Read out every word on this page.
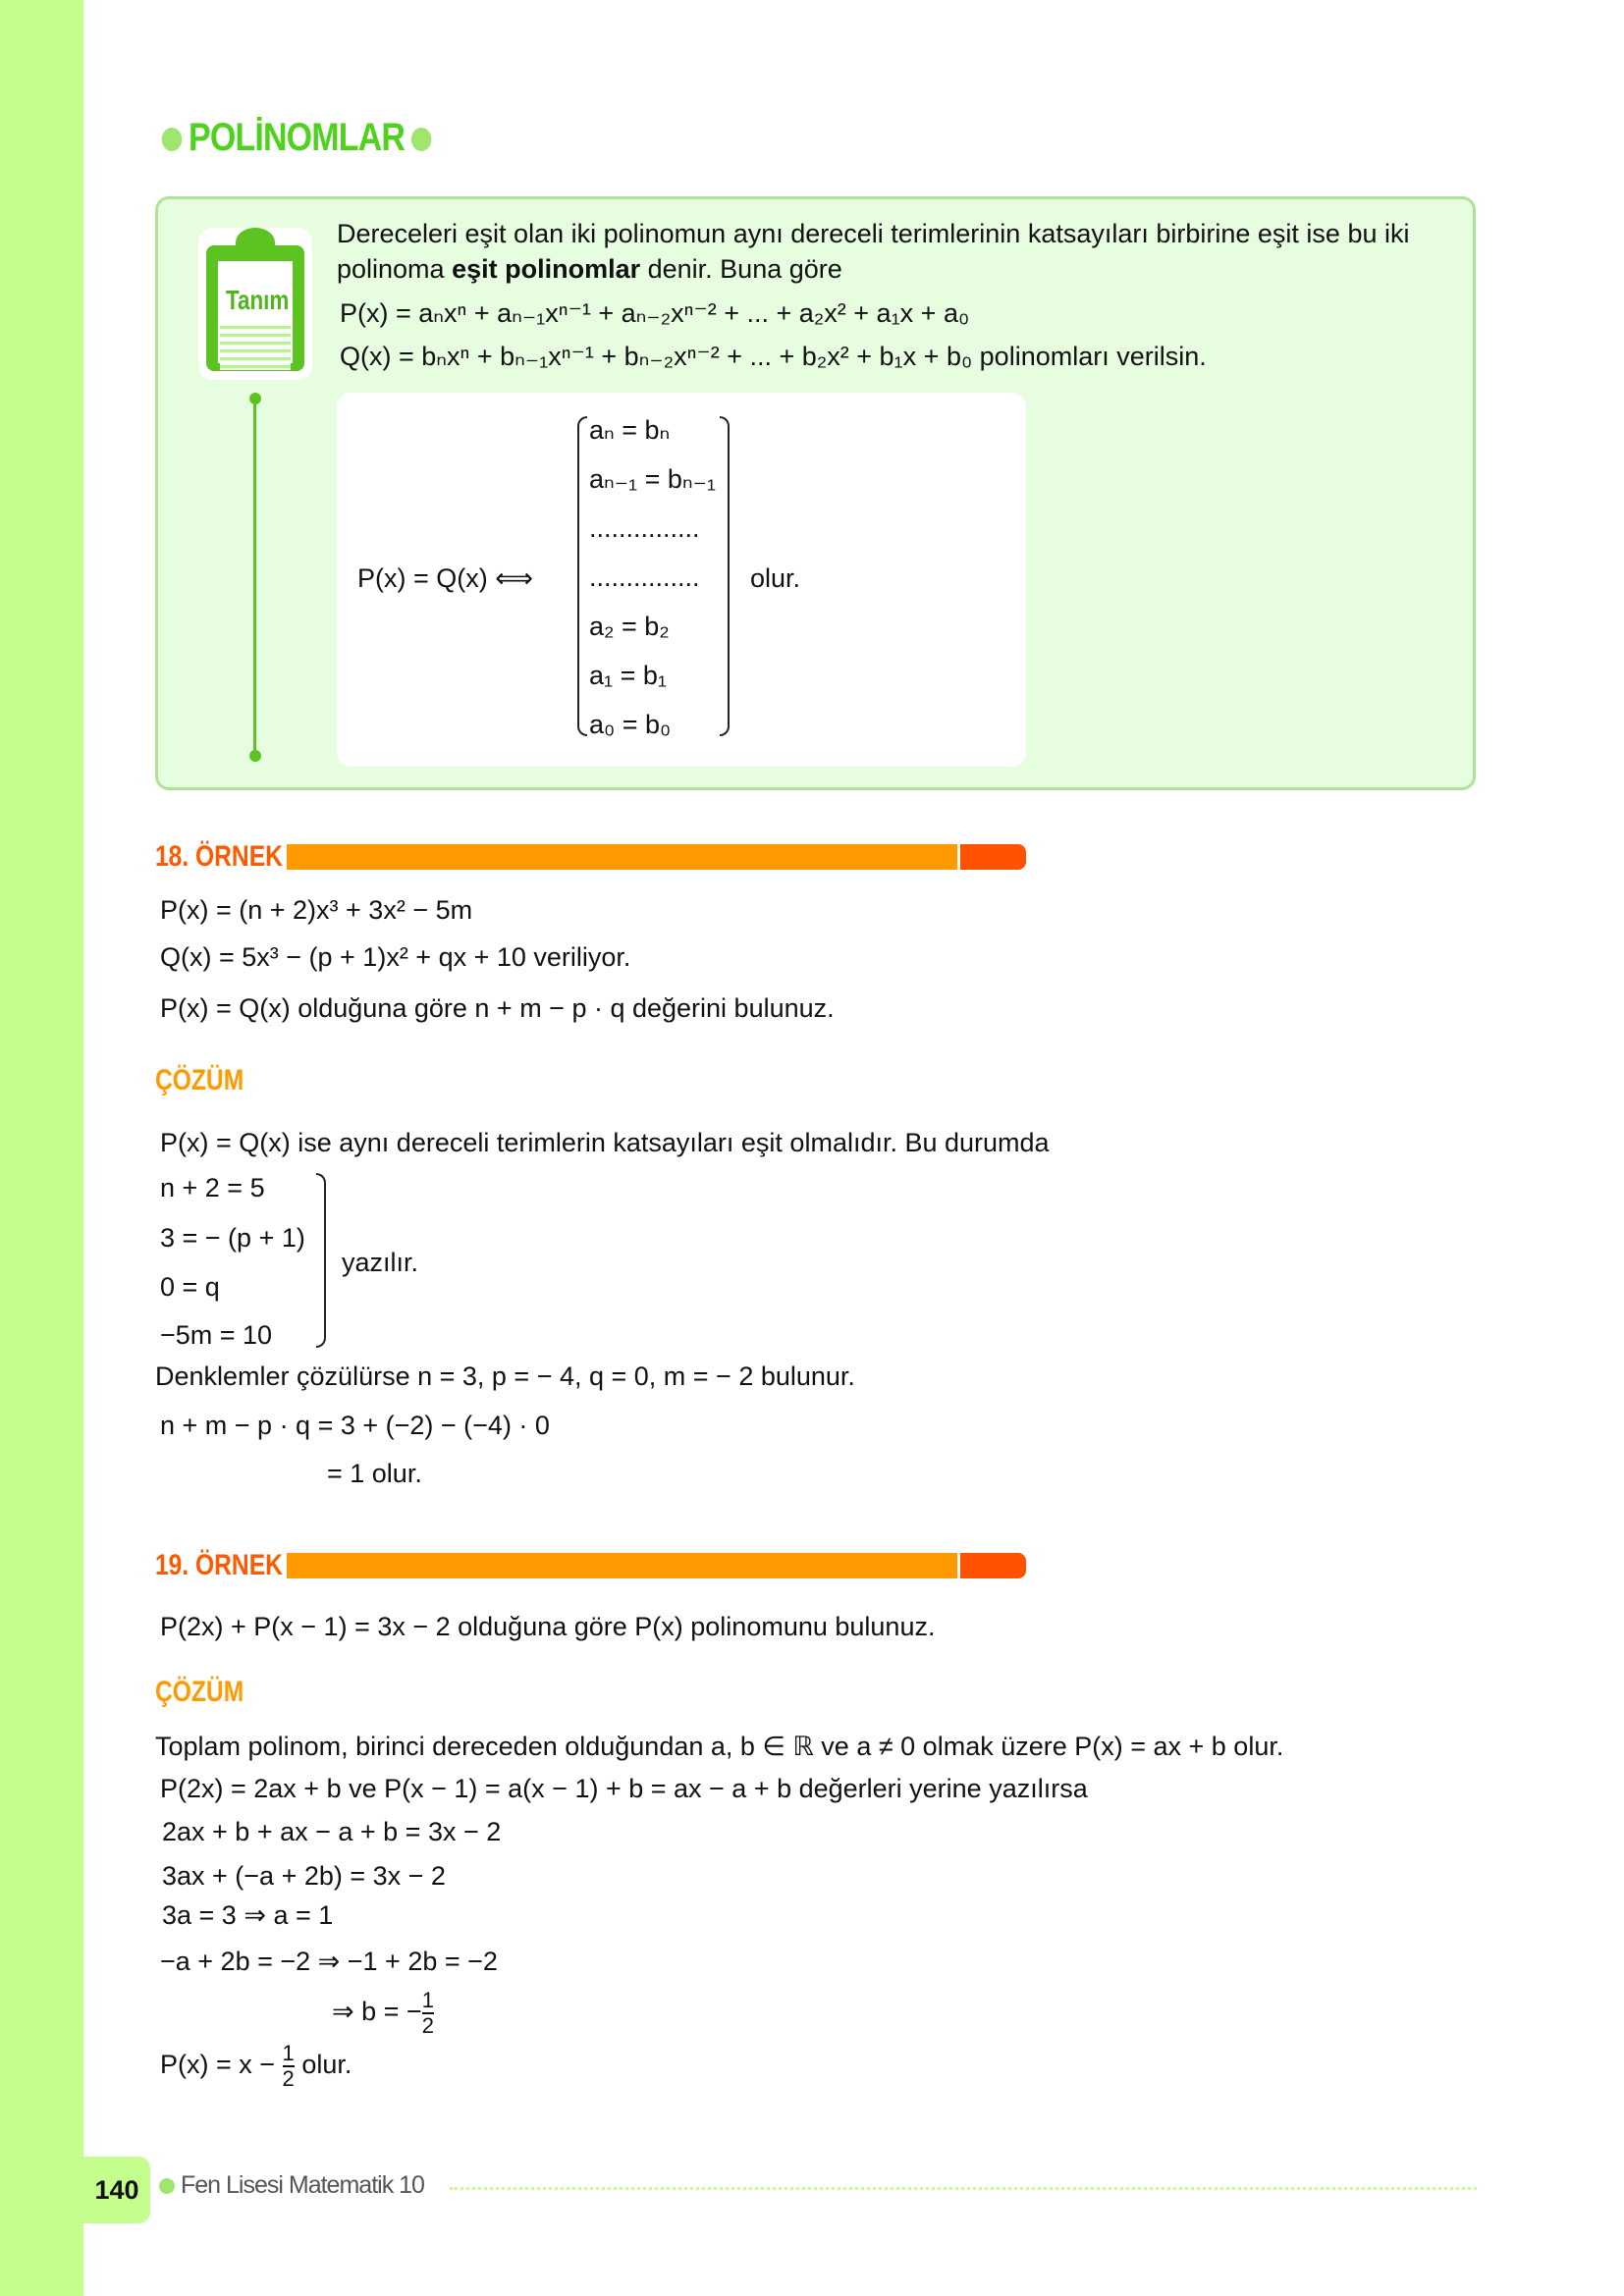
POLİNOMLAR
Tanım
Dereceleri eşit olan iki polinomun aynı dereceli terimlerinin katsayıları birbirine eşit ise bu iki
polinoma eşit polinomlar denir. Buna göre
P(x) = aₙxⁿ + aₙ₋₁xⁿ⁻¹ + aₙ₋₂xⁿ⁻² + ... + a₂x² + a₁x + a₀
Q(x) = bₙxⁿ + bₙ₋₁xⁿ⁻¹ + bₙ₋₂xⁿ⁻² + ... + b₂x² + b₁x + b₀ polinomları verilsin.
P(x) = Q(x) ⟺
aₙ = bₙ
aₙ₋₁ = bₙ₋₁
...............
...............
a₂ = b₂
a₁ = b₁
a₀ = b₀
olur.
18. ÖRNEK
P(x) = (n + 2)x³ + 3x² − 5m
Q(x) = 5x³ − (p + 1)x² + qx + 10 veriliyor.
P(x) = Q(x) olduğuna göre n + m − p · q değerini bulunuz.
ÇÖZÜM
P(x) = Q(x) ise aynı dereceli terimlerin katsayıları eşit olmalıdır. Bu durumda
n + 2 = 5
3 = − (p + 1)
0 = q
−5m = 10
yazılır.
Denklemler çözülürse n = 3, p = − 4, q = 0, m = − 2 bulunur.
n + m − p · q = 3 + (−2) − (−4) · 0
= 1 olur.
19. ÖRNEK
P(2x) + P(x − 1) = 3x − 2 olduğuna göre P(x) polinomunu bulunuz.
ÇÖZÜM
Toplam polinom, birinci dereceden olduğundan a, b ∈ ℝ ve a ≠ 0 olmak üzere P(x) = ax + b olur.
P(2x) = 2ax + b ve P(x − 1) = a(x − 1) + b = ax − a + b değerleri yerine yazılırsa
2ax + b + ax − a + b = 3x − 2
3ax + (−a + 2b) = 3x − 2
3a = 3 ⇒ a = 1
−a + 2b = −2 ⇒ −1 + 2b = −2
⇒ b = − $\frac{1}{2}$
$P(x) = x - \frac{1}{2}$ olur.
140	Fen Lisesi Matematik 10
